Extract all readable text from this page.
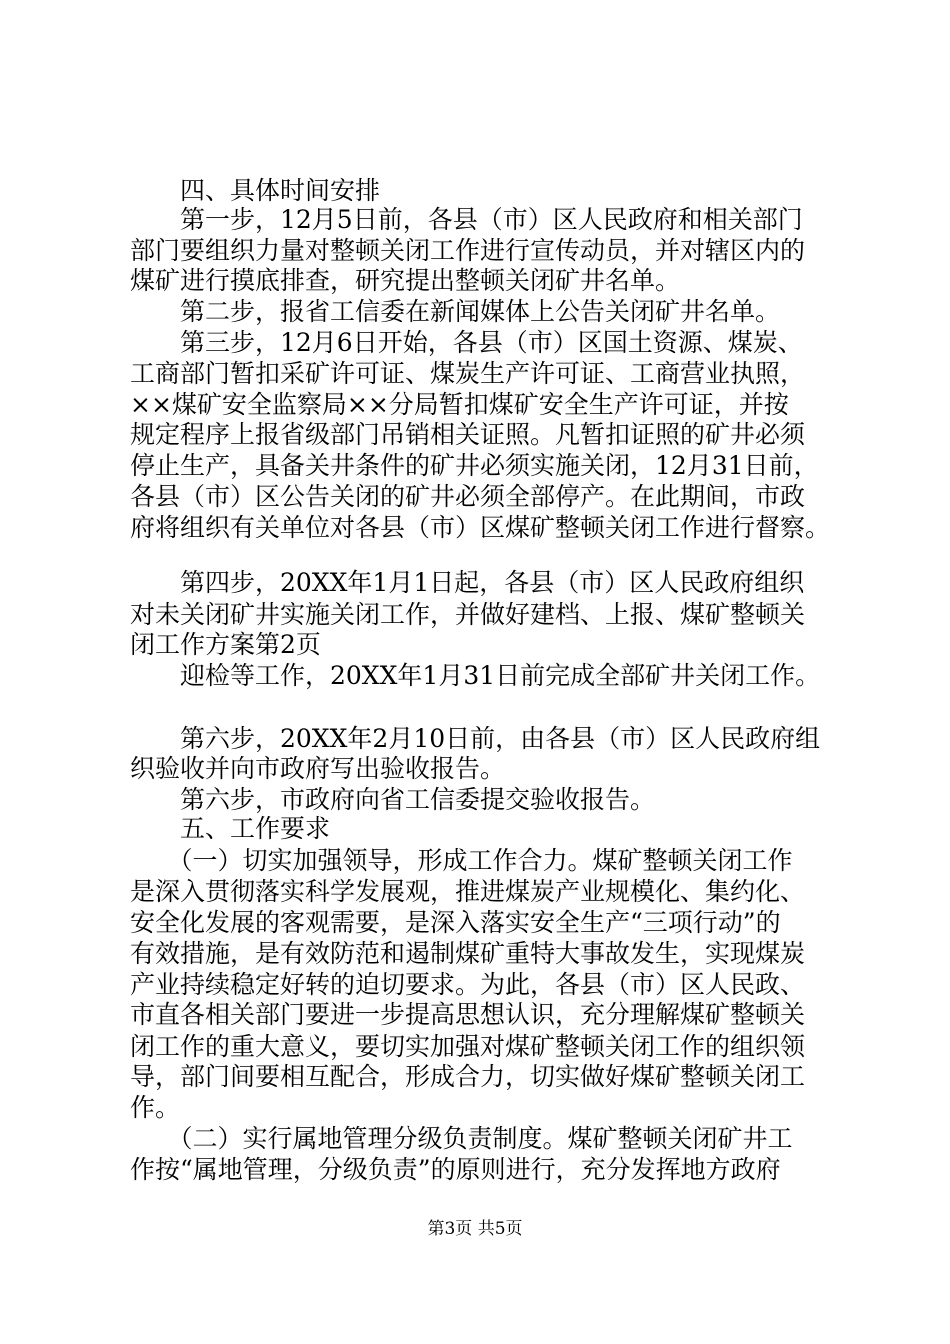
　　四、具体时间安排
　　第一步，12月5日前，各县（市）区人民政府和相关部门
部门要组织力量对整顿关闭工作进行宣传动员，并对辖区内的
煤矿进行摸底排查，研究提出整顿关闭矿井名单。
　　第二步，报省工信委在新闻媒体上公告关闭矿井名单。
　　第三步，12月6日开始，各县（市）区国土资源、煤炭、
工商部门暂扣采矿许可证、煤炭生产许可证、工商营业执照，
××煤矿安全监察局××分局暂扣煤矿安全生产许可证，并按
规定程序上报省级部门吊销相关证照。凡暂扣证照的矿井必须
停止生产，具备关井条件的矿井必须实施关闭，12月31日前，
各县（市）区公告关闭的矿井必须全部停产。在此期间，市政
府将组织有关单位对各县（市）区煤矿整顿关闭工作进行督察。
　　第四步，20XX年1月1日起，各县（市）区人民政府组织
对未关闭矿井实施关闭工作，并做好建档、上报、煤矿整顿关
闭工作方案第2页
　　迎检等工作，20XX年1月31日前完成全部矿井关闭工作。
　　第六步，20XX年2月10日前，由各县（市）区人民政府组
织验收并向市政府写出验收报告。
　　第六步，市政府向省工信委提交验收报告。
　　五、工作要求
　　（一）切实加强领导，形成工作合力。煤矿整顿关闭工作
是深入贯彻落实科学发展观，推进煤炭产业规模化、集约化、
安全化发展的客观需要，是深入落实安全生产“三项行动”的
有效措施，是有效防范和遏制煤矿重特大事故发生，实现煤炭
产业持续稳定好转的迫切要求。为此，各县（市）区人民政、
市直各相关部门要进一步提高思想认识，充分理解煤矿整顿关
闭工作的重大意义，要切实加强对煤矿整顿关闭工作的组织领
导，部门间要相互配合，形成合力，切实做好煤矿整顿关闭工
作。
　　（二）实行属地管理分级负责制度。煤矿整顿关闭矿井工
作按“属地管理，分级负责”的原则进行，充分发挥地方政府
第3页 共5页
